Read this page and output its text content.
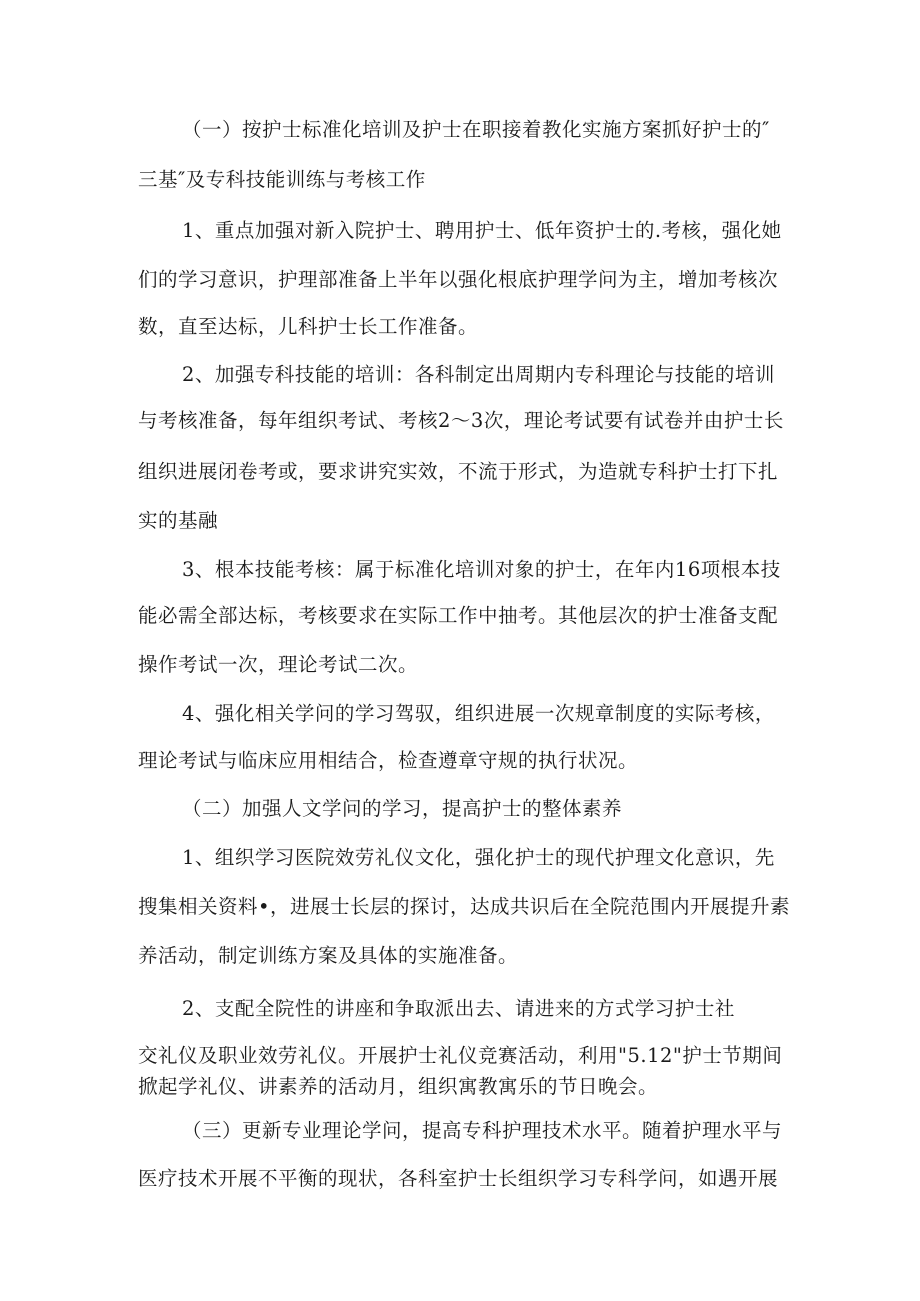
（一）按护士标准化培训及护士在职接着教化实施方案抓好护士的″
三基″及专科技能训练与考核工作
1、重点加强对新入院护士、聘用护士、低年资护士的.考核，强化她
们的学习意识，护理部准备上半年以强化根底护理学问为主，增加考核次
数，直至达标，儿科护士长工作准备。
2、加强专科技能的培训：各科制定出周期内专科理论与技能的培训
与考核准备，每年组织考试、考核2～3次，理论考试要有试卷并由护士长
组织进展闭卷考或，要求讲究实效，不流于形式，为造就专科护士打下扎
实的基融
3、根本技能考核：属于标准化培训对象的护士，在年内16项根本技
能必需全部达标，考核要求在实际工作中抽考。其他层次的护士准备支配
操作考试一次，理论考试二次。
4、强化相关学问的学习驾驭，组织进展一次规章制度的实际考核，
理论考试与临床应用相结合，检查遵章守规的执行状况。
（二）加强人文学问的学习，提高护士的整体素养
1、组织学习医院效劳礼仪文化，强化护士的现代护理文化意识，先
搜集相关资料•，进展士长层的探讨，达成共识后在全院范围内开展提升素
养活动，制定训练方案及具体的实施准备。
2、支配全院性的讲座和争取派出去、请进来的方式学习护士社
交礼仪及职业效劳礼仪。开展护士礼仪竞赛活动，利用"5.12"护士节期间
掀起学礼仪、讲素养的活动月，组织寓教寓乐的节日晚会。
（三）更新专业理论学问，提高专科护理技术水平。随着护理水平与
医疗技术开展不平衡的现状，各科室护士长组织学习专科学问，如遇开展
